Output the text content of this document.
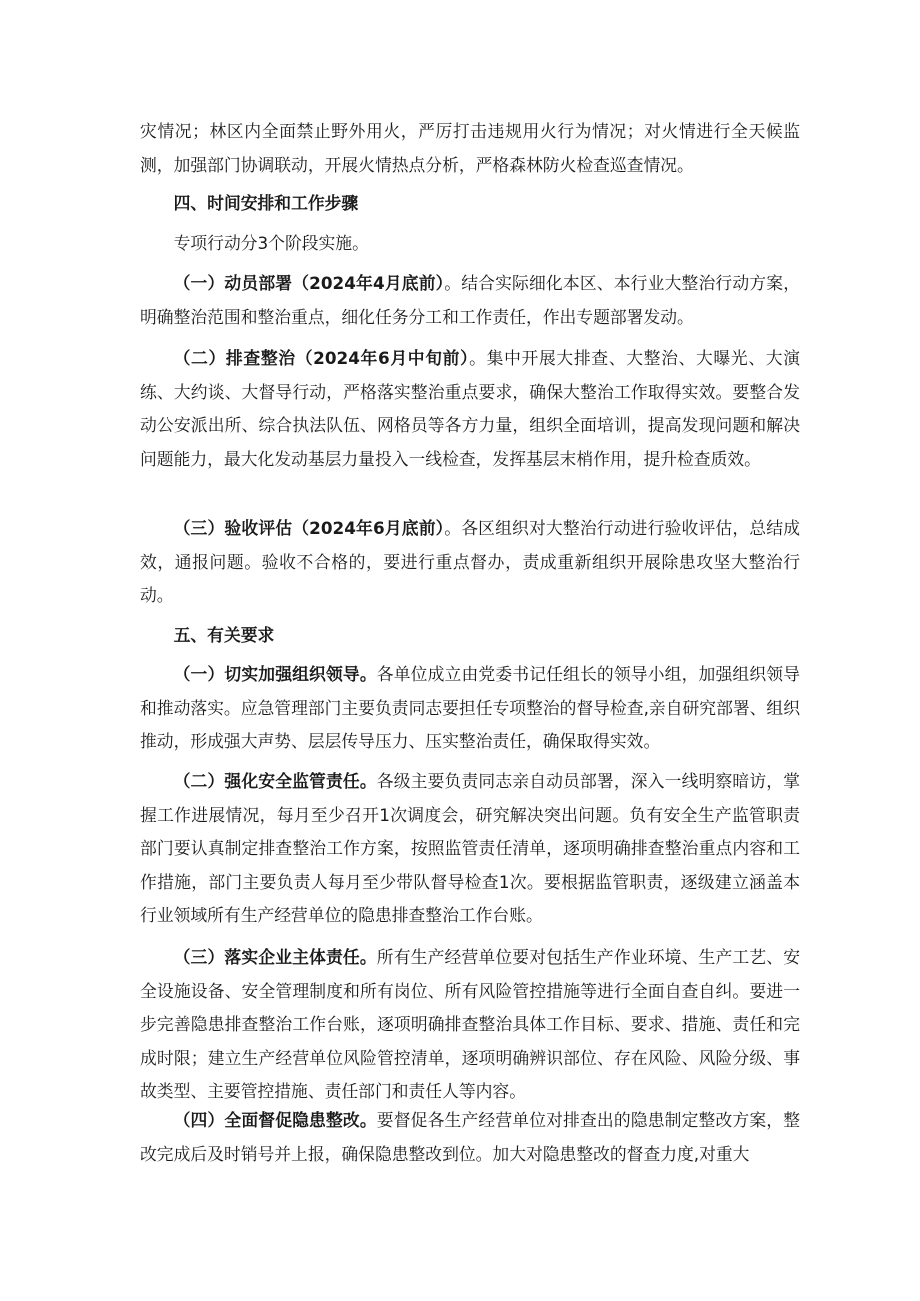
灾情况；林区内全面禁止野外用火，严厉打击违规用火行为情况；对火情进行全天候监测，加强部门协调联动，开展火情热点分析，严格森林防火检查巡查情况。

四、时间安排和工作步骤

专项行动分3个阶段实施。

（一）动员部署（2024年4月底前）。结合实际细化本区、本行业大整治行动方案，明确整治范围和整治重点，细化任务分工和工作责任，作出专题部署发动。

（二）排查整治（2024年6月中旬前）。集中开展大排查、大整治、大曝光、大演练、大约谈、大督导行动，严格落实整治重点要求，确保大整治工作取得实效。要整合发动公安派出所、综合执法队伍、网格员等各方力量，组织全面培训，提高发现问题和解决问题能力，最大化发动基层力量投入一线检查，发挥基层末梢作用，提升检查质效。

（三）验收评估（2024年6月底前）。各区组织对大整治行动进行验收评估，总结成效，通报问题。验收不合格的，要进行重点督办，责成重新组织开展除患攻坚大整治行动。

五、有关要求

（一）切实加强组织领导。各单位成立由党委书记任组长的领导小组，加强组织领导和推动落实。应急管理部门主要负责同志要担任专项整治的督导检查,亲自研究部署、组织推动，形成强大声势、层层传导压力、压实整治责任，确保取得实效。

（二）强化安全监管责任。各级主要负责同志亲自动员部署，深入一线明察暗访，掌握工作进展情况，每月至少召开1次调度会，研究解决突出问题。负有安全生产监管职责部门要认真制定排查整治工作方案，按照监管责任清单，逐项明确排查整治重点内容和工作措施，部门主要负责人每月至少带队督导检查1次。要根据监管职责，逐级建立涵盖本行业领域所有生产经营单位的隐患排查整治工作台账。

（三）落实企业主体责任。所有生产经营单位要对包括生产作业环境、生产工艺、安全设施设备、安全管理制度和所有岗位、所有风险管控措施等进行全面自查自纠。要进一步完善隐患排查整治工作台账，逐项明确排查整治具体工作目标、要求、措施、责任和完成时限；建立生产经营单位风险管控清单，逐项明确辨识部位、存在风险、风险分级、事故类型、主要管控措施、责任部门和责任人等内容。

（四）全面督促隐患整改。要督促各生产经营单位对排查出的隐患制定整改方案，整改完成后及时销号并上报，确保隐患整改到位。加大对隐患整改的督查力度,对重大
